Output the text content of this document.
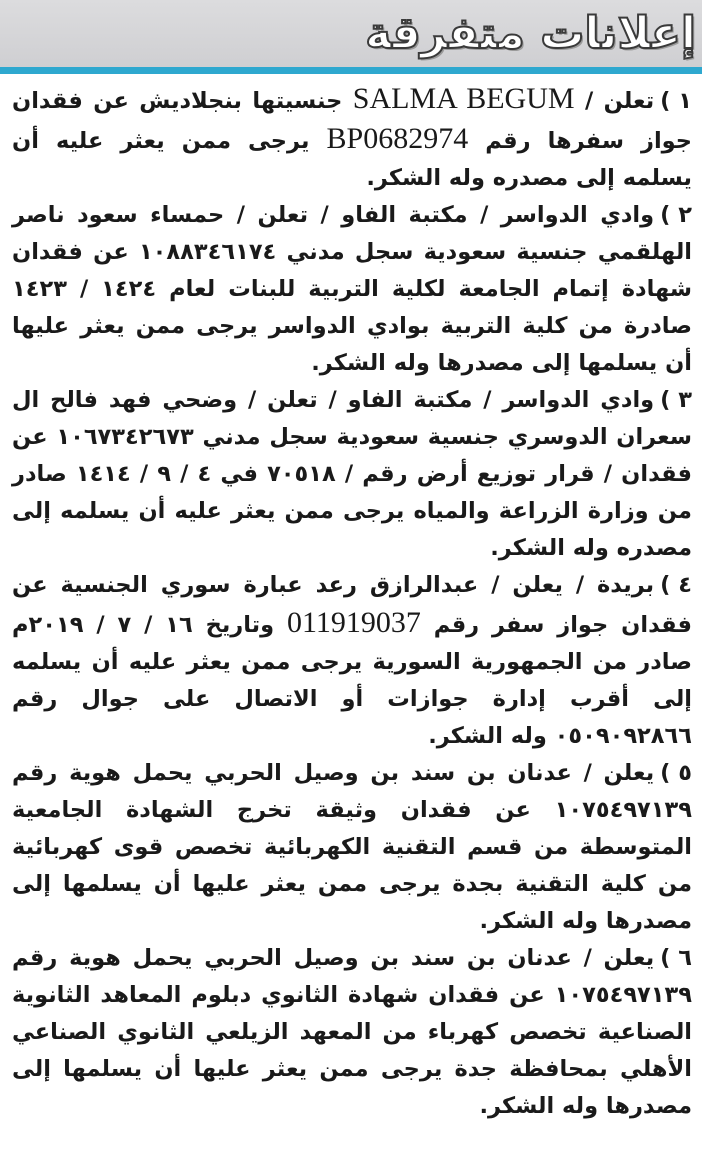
إعلانات متفرقة

١ )تعلن / SALMA BEGUM جنسيتها بنجلاديش عن فقدان جواز سفرها رقم BP0682974 يرجى ممن يعثر عليه أن يسلمه إلى مصدره وله الشكر.

٢ )وادي الدواسر / مكتبة الفاو / تعلن / حمساء سعود ناصر الهلقمي جنسية سعودية سجل مدني ١٠٨٨٣٤٦١٧٤ عن فقدان شهادة إتمام الجامعة لكلية التربية للبنات لعام ١٤٢٤ / ١٤٢٣ صادرة من كلية التربية بوادي الدواسر يرجى ممن يعثر عليها أن يسلمها إلى مصدرها وله الشكر.

٣ )وادي الدواسر / مكتبة الفاو / تعلن / وضحي فهد فالح ال سعران الدوسري جنسية سعودية سجل مدني ١٠٦٧٣٤٢٦٧٣ عن فقدان / قرار توزيع أرض رقم / ٧٠٥١٨ في ٤ / ٩ / ١٤١٤ صادر من وزارة الزراعة والمياه يرجى ممن يعثر عليه أن يسلمه إلى مصدره وله الشكر.

٤ )بريدة / يعلن / عبدالرازق رعد عبارة سوري الجنسية عن فقدان جواز سفر رقم 011919037 وتاريخ ١٦ / ٧ / ٢٠١٩م صادر من الجمهورية السورية يرجى ممن يعثر عليه أن يسلمه إلى أقرب إدارة جوازات أو الاتصال على جوال رقم ٠٥٠٩٠٩٢٨٦٦ وله الشكر.

٥ )يعلن / عدنان بن سند بن وصيل الحربي يحمل هوية رقم ١٠٧٥٤٩٧١٣٩ عن فقدان وثيقة تخرج الشهادة الجامعية المتوسطة من قسم التقنية الكهربائية تخصص قوى كهربائية من كلية التقنية بجدة يرجى ممن يعثر عليها أن يسلمها إلى مصدرها وله الشكر.

٦ )يعلن / عدنان بن سند بن وصيل الحربي يحمل هوية رقم ١٠٧٥٤٩٧١٣٩ عن فقدان شهادة الثانوي دبلوم المعاهد الثانوية الصناعية تخصص كهرباء من المعهد الزيلعي الثانوي الصناعي الأهلي بمحافظة جدة يرجى ممن يعثر عليها أن يسلمها إلى مصدرها وله الشكر.
